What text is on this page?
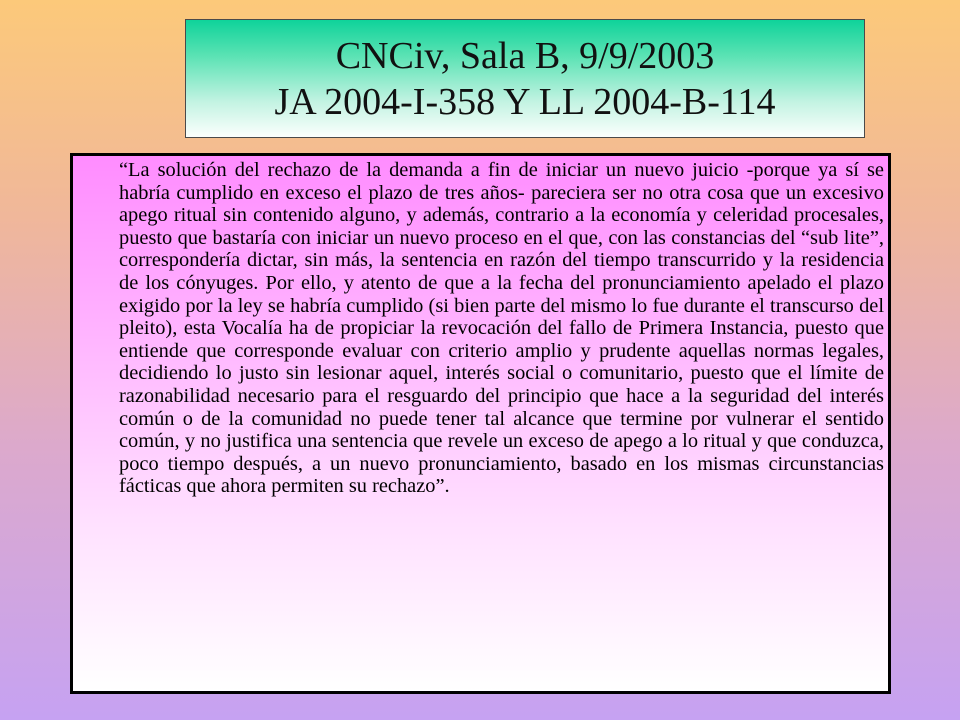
CNCiv, Sala B, 9/9/2003
JA 2004-I-358 Y LL 2004-B-114

“La solución del rechazo de la demanda a fin de iniciar un nuevo juicio -porque ya sí se habría cumplido en exceso el plazo de tres años- pareciera ser no otra cosa que un excesivo apego ritual sin contenido alguno, y además, contrario a la economía y celeridad procesales, puesto que bastaría con iniciar un nuevo proceso en el que, con las constancias del “sub lite”, correspondería dictar, sin más, la sentencia en razón del tiempo transcurrido y la residencia de los cónyuges. Por ello, y atento de que a la fecha del pronunciamiento apelado el plazo exigido por la ley se habría cumplido (si bien parte del mismo lo fue durante el transcurso del pleito), esta Vocalía ha de propiciar la revocación del fallo de Primera Instancia, puesto que entiende que corresponde evaluar con criterio amplio y prudente aquellas normas legales, decidiendo lo justo sin lesionar aquel, interés social o comunitario, puesto que el límite de razonabilidad necesario para el resguardo del principio que hace a la seguridad del interés común o de la comunidad no puede tener tal alcance que termine por vulnerar el sentido común, y no justifica una sentencia que revele un exceso de apego a lo ritual y que conduzca, poco tiempo después, a un nuevo pronunciamiento, basado en los mismas circunstancias fácticas que ahora permiten su rechazo”.
